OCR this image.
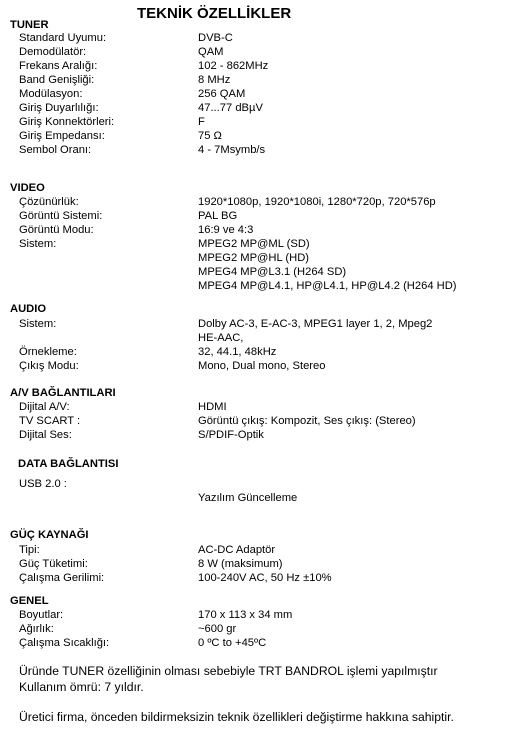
TEKNİK ÖZELLİKLER
TUNER
Standard Uyumu:	DVB-C
Demodülatör:	QAM
Frekans Aralığı:	102 - 862MHz
Band Genişliği:	8 MHz
Modülasyon:	256 QAM
Giriş Duyarlılığı:	47...77 dBµV
Giriş Konnektörleri:	F
Giriş Empedansı:	75 Ω
Sembol Oranı:	4 - 7Msymb/s
VIDEO
Çözünürlük:	1920*1080p, 1920*1080i, 1280*720p, 720*576p
Görüntü Sistemi:	PAL BG
Görüntü Modu:	16:9 ve 4:3
Sistem:	MPEG2 MP@ML (SD)
MPEG2 MP@HL (HD)
MPEG4 MP@L3.1 (H264 SD)
MPEG4 MP@L4.1, HP@L4.1, HP@L4.2 (H264 HD)
AUDIO
Sistem:	Dolby AC-3, E-AC-3, MPEG1 layer 1, 2, Mpeg2
HE-AAC,
Örnekleme:	32, 44.1, 48kHz
Çıkış Modu:	Mono, Dual mono, Stereo
A/V BAĞLANTILARI
Dijital A/V:	HDMI
TV SCART :	Görüntü çıkış: Kompozit, Ses çıkış: (Stereo)
Dijital Ses:	S/PDIF-Optik
DATA BAĞLANTISI
USB 2.0 :
Yazılım Güncelleme
GÜÇ KAYNAĞI
Tipi:	AC-DC Adaptör
Güç Tüketimi:	8 W (maksimum)
Çalışma Gerilimi:	100-240V AC, 50 Hz ±10%
GENEL
Boyutlar:	170 x 113 x 34 mm
Ağırlık:	~600 gr
Çalışma Sıcaklığı:	0 ºC to +45ºC
Üründe TUNER özelliğinin olması sebebiyle TRT BANDROL işlemi yapılmıştır
Kullanım ömrü: 7 yıldır.
Üretici firma, önceden bildirmeksizin teknik özellikleri değiştirme hakkına sahiptir.
